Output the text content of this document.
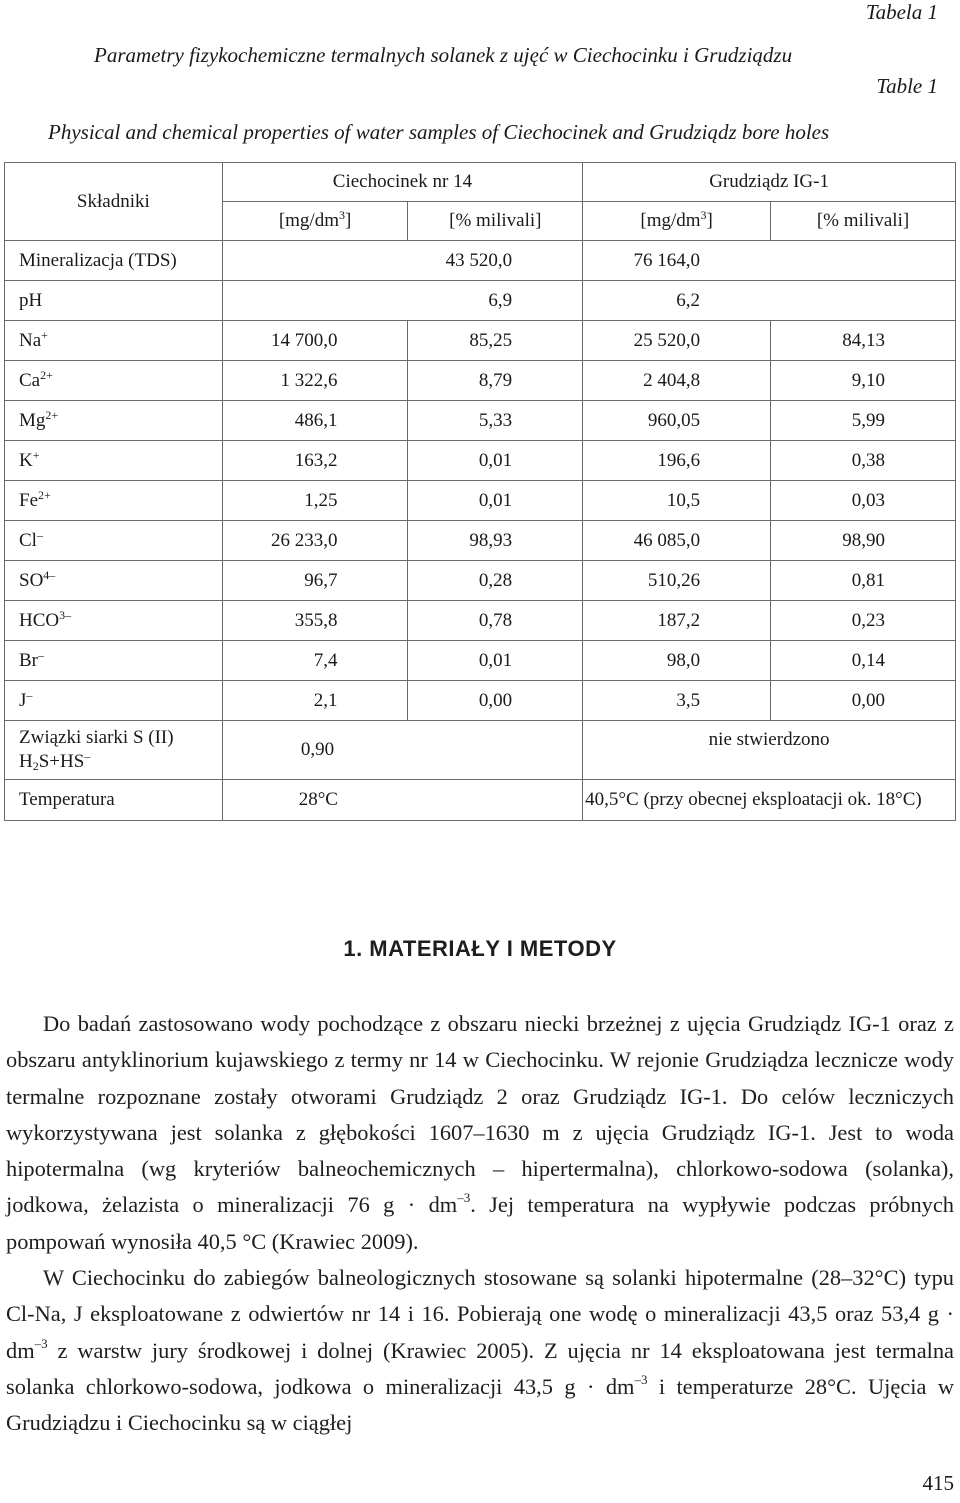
Tabela 1
Parametry fizykochemiczne termalnych solanek z ujęć w Ciechocinku i Grudziądzu
Table 1
Physical and chemical properties of water samples of Ciechocinek and Grudziądz bore holes
Składniki	Ciechocinek nr 14		Grudziądz IG-1	
	$[mg/dm^3]$	[% milivali]	$[mg/dm^3]$	[% milivali]
Mineralizacja (TDS)	43 520,0		76 164,0	
pH	6,9		6,2	
Na+	14 700,0	85,25	25 520,0	84,13
$Ca^{2+}$	1 322,6	8,79	2 404,8	9,10
$Mg^{2+}$	486,1	5,33	960,05	5,99
K+	163,2	0,01	196,6	0,38
$Fe^{2+}$	1,25	0,01	10,5	0,03
Cl–	26 233,0	98,93	46 085,0	98,90
$SO^{4-}$	96,7	0,28	510,26	0,81
$HCO^{3-}$	355,8	0,78	187,2	0,23
Br–	7,4	0,01	98,0	0,14
J–	2,1	0,00	3,5	0,00
Związki siarki S (II)
$H_2S+HS^-$	0,90		nie stwierdzono	
Temperatura	28°C		40,5°C (przy obecnej eksploatacji ok. 18°C)	
1. MATERIAŁY I METODY

Do badań zastosowano wody pochodzące z obszaru niecki brzeżnej z ujęcia Grudziądz IG-1 oraz z obszaru antyklinorium kujawskiego z termy nr 14 w Ciechocinku. W rejonie Grudziądza lecznicze wody termalne rozpoznane zostały otworami Grudziądz 2 oraz Grudziądz IG-1. Do celów leczniczych wykorzystywana jest solanka z głębokości 1607–1630 m z ujęcia Grudziądz IG-1. Jest to woda hipotermalna (wg kryteriów balneochemicznych – hipertermalna), chlorkowo-sodowa (solanka), jodkowa, żelazista o mineralizacji 76 $g \cdot dm^{-3}$. Jej temperatura na wypływie podczas próbnych pompowań wynosiła 40,5 °C (Krawiec 2009).

W Ciechocinku do zabiegów balneologicznych stosowane są solanki hipotermalne (28–32°C) typu Cl-Na, J eksploatowane z odwiertów nr 14 i 16. Pobierają one wodę o mineralizacji 43,5 oraz 53,4 $g \cdot dm^{-3}$ z warstw jury środkowej i dolnej (Krawiec 2005). Z ujęcia nr 14 eksploatowana jest termalna solanka chlorkowo-sodowa, jodkowa o mineralizacji 43,5 $g \cdot dm^{-3}$ i temperaturze 28°C. Ujęcia w Grudziądzu i Ciechocinku są w ciągłej

415
